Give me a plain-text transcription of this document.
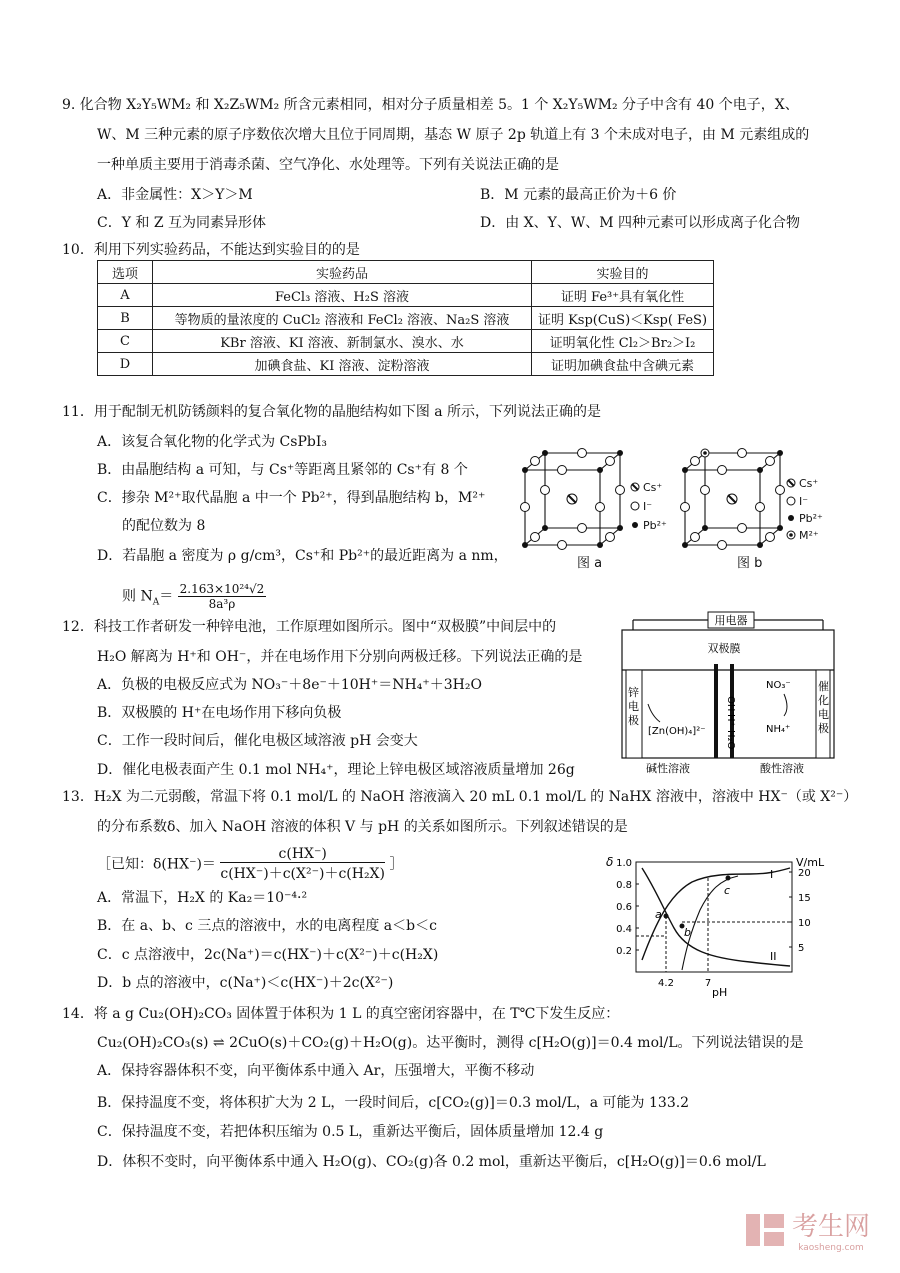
9. 化合物 X₂Y₅WM₂ 和 X₂Z₅WM₂ 所含元素相同，相对分子质量相差 5。1 个 X₂Y₅WM₂ 分子中含有 40 个电子，X、
W、M 三种元素的原子序数依次增大且位于同周期，基态 W 原子 2p 轨道上有 3 个未成对电子，由 M 元素组成的
一种单质主要用于消毒杀菌、空气净化、水处理等。下列有关说法正确的是
A．非金属性：X＞Y＞M	B．M 元素的最高正价为＋6 价
C．Y 和 Z 互为同素异形体	D．由 X、Y、W、M 四种元素可以形成离子化合物
10．利用下列实验药品，不能达到实验目的的是
选项	实验药品	实验目的
A	FeCl₃ 溶液、H₂S 溶液	证明 Fe³⁺具有氧化性
B	等物质的量浓度的 CuCl₂ 溶液和 FeCl₂ 溶液、Na₂S 溶液	证明 Ksp(CuS)＜Ksp( FeS)
C	KBr 溶液、KI 溶液、新制氯水、溴水、水	证明氧化性 Cl₂＞Br₂＞I₂
D	加碘食盐、KI 溶液、淀粉溶液	证明加碘食盐中含碘元素
11．用于配制无机防锈颜料的复合氧化物的晶胞结构如下图 a 所示，下列说法正确的是
A．该复合氧化物的化学式为 CsPbI₃
B．由晶胞结构 a 可知，与 Cs⁺等距离且紧邻的 Cs⁺有 8 个
C．掺杂 M²⁺取代晶胞 a 中一个 Pb²⁺，得到晶胞结构 b，M²⁺
的配位数为 8
D．若晶胞 a 密度为 ρ g/cm³，Cs⁺和 Pb²⁺的最近距离为 a nm，
则 $N_A= \frac{\text{2.163×10²⁴√2}}{\text{8a³ρ}}$
Cs⁺
I⁻
Pb²⁺
图 a
Cs⁺
I⁻
Pb²⁺
M²⁺
图 b
12．科技工作者研发一种锌电池，工作原理如图所示。图中“双极膜”中间层中的
H₂O 解离为 H⁺和 OH⁻，并在电场作用下分别向两极迁移。下列说法正确的是
A．负极的电极反应式为 NO₃⁻＋8e⁻＋10H⁺＝NH₄⁺＋3H₂O
B．双极膜的 H⁺在电场作用下移向负极
C．工作一段时间后，催化电极区域溶液 pH 会变大
D．催化电极表面产生 0.1 mol NH₄⁺，理论上锌电极区域溶液质量增加 26g
用电器
双极膜
锌
电
极
催
化
电
极
OH⁻
H⁺
H₂O
[Zn(OH)₄]²⁻
NO₃⁻
NH₄⁺
碱性溶液	酸性溶液
13．H₂X 为二元弱酸，常温下将 0.1 mol/L 的 NaOH 溶液滴入 20 mL 0.1 mol/L 的 NaHX 溶液中，溶液中 HX⁻（或 X²⁻）
的分布系数δ、加入 NaOH 溶液的体积 V 与 pH 的关系如图所示。下列叙述错误的是
［已知：$\delta(HX^-)= \frac{c(HX^-)}{\text{c(HX⁻)＋c(X²⁻)＋c(H₂X)}}$ ］
A．常温下，H₂X 的 Ka₂＝10⁻⁴·²
B．在 a、b、c 三点的溶液中，水的电离程度 a＜b＜c
C．c 点溶液中，2c(Na⁺)＝c(HX⁻)＋c(X²⁻)＋c(H₂X)
D．b 点的溶液中，c(Na⁺)＜c(HX⁻)＋2c(X²⁻)
δ	V/mL
pH
0.2
0.4
0.6
0.8
1.0
5
10
15
20
4.2	7
I
II
a
b
c
14．将 a g Cu₂(OH)₂CO₃ 固体置于体积为 1 L 的真空密闭容器中，在 T℃下发生反应：
Cu₂(OH)₂CO₃(s) ⇌ 2CuO(s)＋CO₂(g)＋H₂O(g)。达平衡时，测得 c[H₂O(g)]＝0.4 mol/L。下列说法错误的是
A．保持容器体积不变，向平衡体系中通入 Ar，压强增大，平衡不移动
B．保持温度不变，将体积扩大为 2 L，一段时间后，c[CO₂(g)]＝0.3 mol/L，a 可能为 133.2
C．保持温度不变，若把体积压缩为 0.5 L，重新达平衡后，固体质量增加 12.4 g
D．体积不变时，向平衡体系中通入 H₂O(g)、CO₂(g)各 0.2 mol，重新达平衡后，c[H₂O(g)]＝0.6 mol/L

考生网
kaosheng.com
